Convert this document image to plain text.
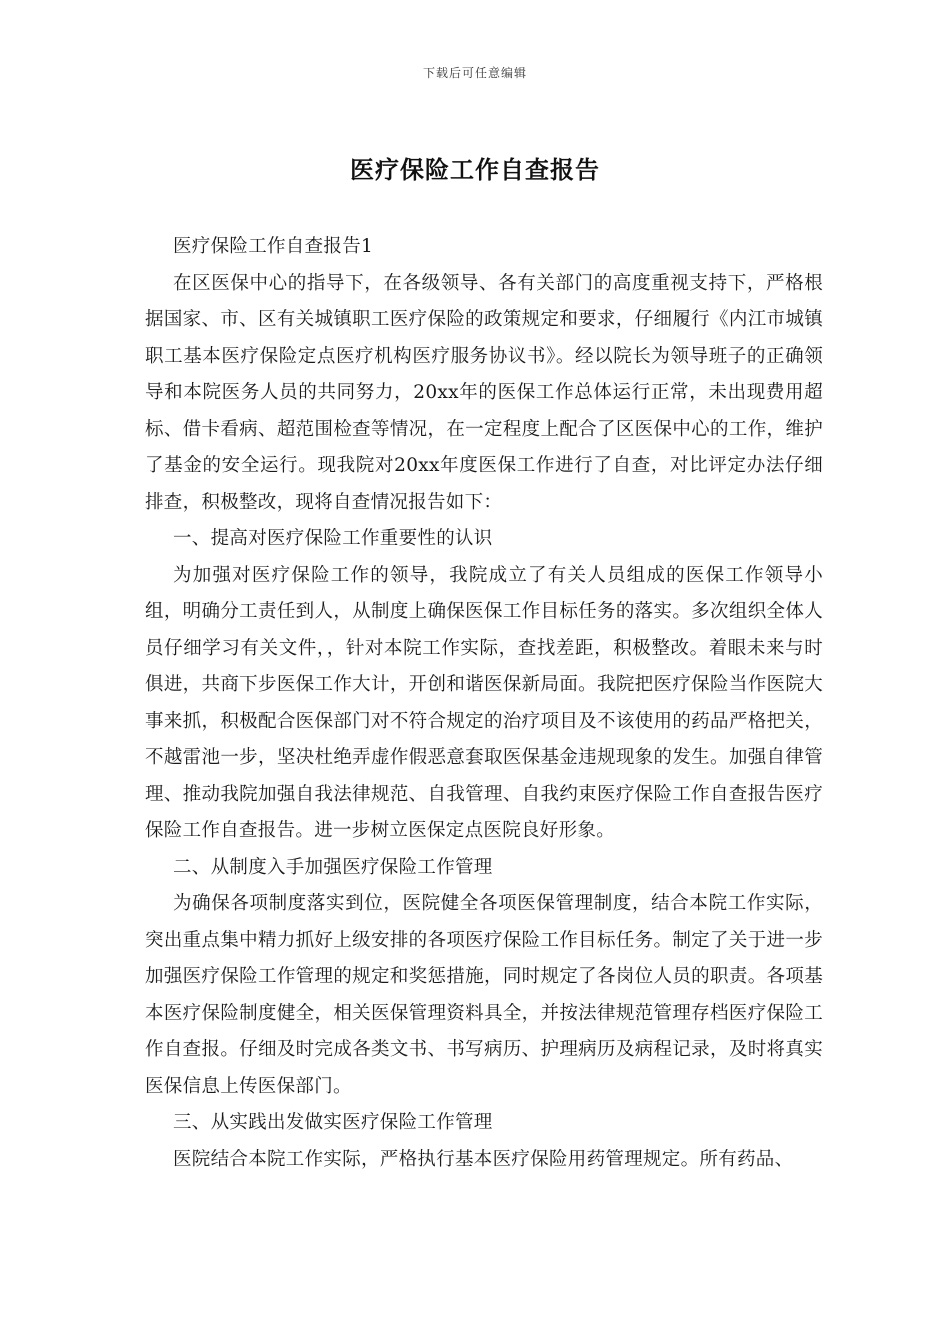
下载后可任意编辑
医疗保险工作自查报告

医疗保险工作自查报告1

在区医保中心的指导下，在各级领导、各有关部门的高度重视支持下，严格根据国家、市、区有关城镇职工医疗保险的政策规定和要求，仔细履行《内江市城镇职工基本医疗保险定点医疗机构医疗服务协议书》。经以院长为领导班子的正确领导和本院医务人员的共同努力，20xx年的医保工作总体运行正常，未出现费用超标、借卡看病、超范围检查等情况，在一定程度上配合了区医保中心的工作，维护了基金的安全运行。现我院对20xx年度医保工作进行了自查，对比评定办法仔细排查，积极整改，现将自查情况报告如下：

一、提高对医疗保险工作重要性的认识

为加强对医疗保险工作的领导，我院成立了有关人员组成的医保工作领导小组，明确分工责任到人，从制度上确保医保工作目标任务的落实。多次组织全体人员仔细学习有关文件，，针对本院工作实际，查找差距，积极整改。着眼未来与时俱进，共商下步医保工作大计，开创和谐医保新局面。我院把医疗保险当作医院大事来抓，积极配合医保部门对不符合规定的治疗项目及不该使用的药品严格把关，不越雷池一步，坚决杜绝弄虚作假恶意套取医保基金违规现象的发生。加强自律管理、推动我院加强自我法律规范、自我管理、自我约束医疗保险工作自查报告医疗保险工作自查报告。进一步树立医保定点医院良好形象。

二、从制度入手加强医疗保险工作管理

为确保各项制度落实到位，医院健全各项医保管理制度，结合本院工作实际，突出重点集中精力抓好上级安排的各项医疗保险工作目标任务。制定了关于进一步加强医疗保险工作管理的规定和奖惩措施，同时规定了各岗位人员的职责。各项基本医疗保险制度健全，相关医保管理资料具全，并按法律规范管理存档医疗保险工作自查报。仔细及时完成各类文书、书写病历、护理病历及病程记录，及时将真实医保信息上传医保部门。

三、从实践出发做实医疗保险工作管理

医院结合本院工作实际，严格执行基本医疗保险用药管理规定。所有药品、
